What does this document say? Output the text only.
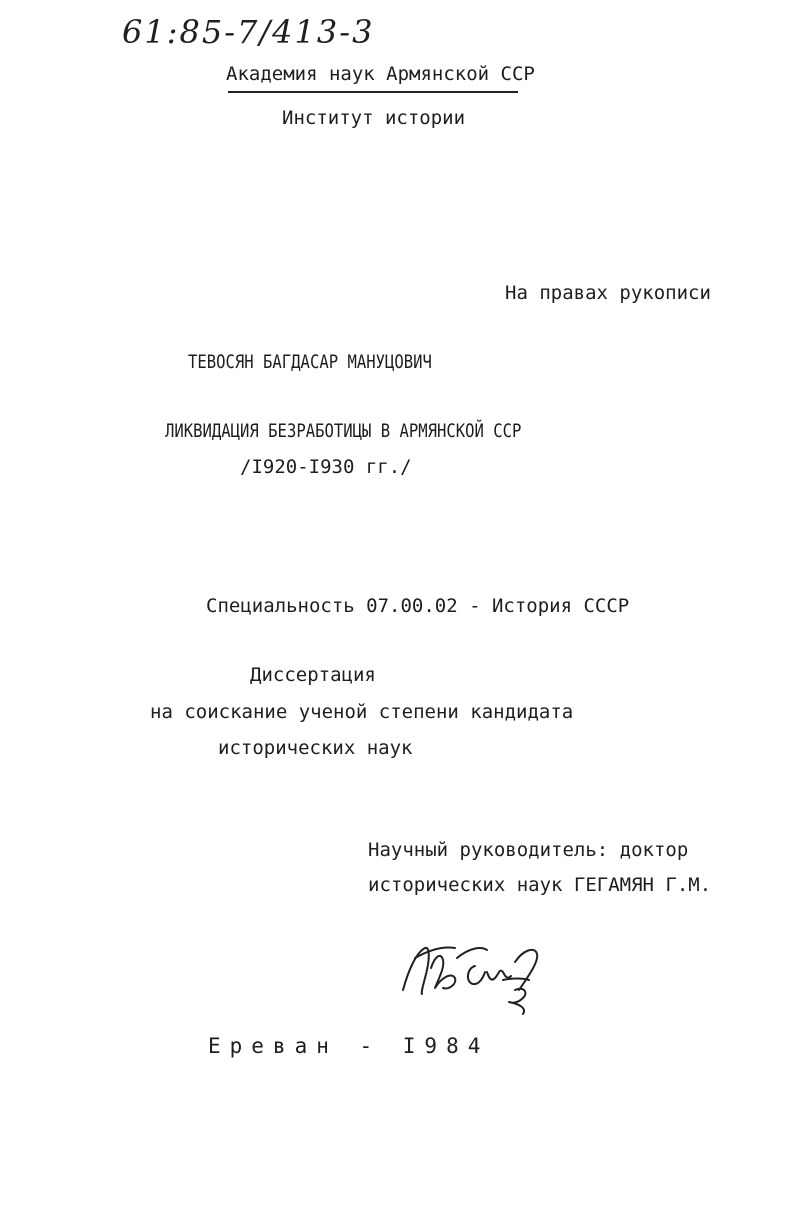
61:85-7/413-3
Академия наук Армянской ССР
Институт истории
На правах рукописи
ТЕВОСЯН БАГДАСАР МАНУЦОВИЧ
ЛИКВИДАЦИЯ БЕЗРАБОТИЦЫ В АРМЯНСКОЙ ССР
/I920-I930 гг./
Специальность 07.00.02 - История СССР
Диссертация
на соискание ученой степени кандидата
исторических наук
Научный руководитель: доктор
исторических наук ГЕГАМЯН Г.М.
Ереван - I984
